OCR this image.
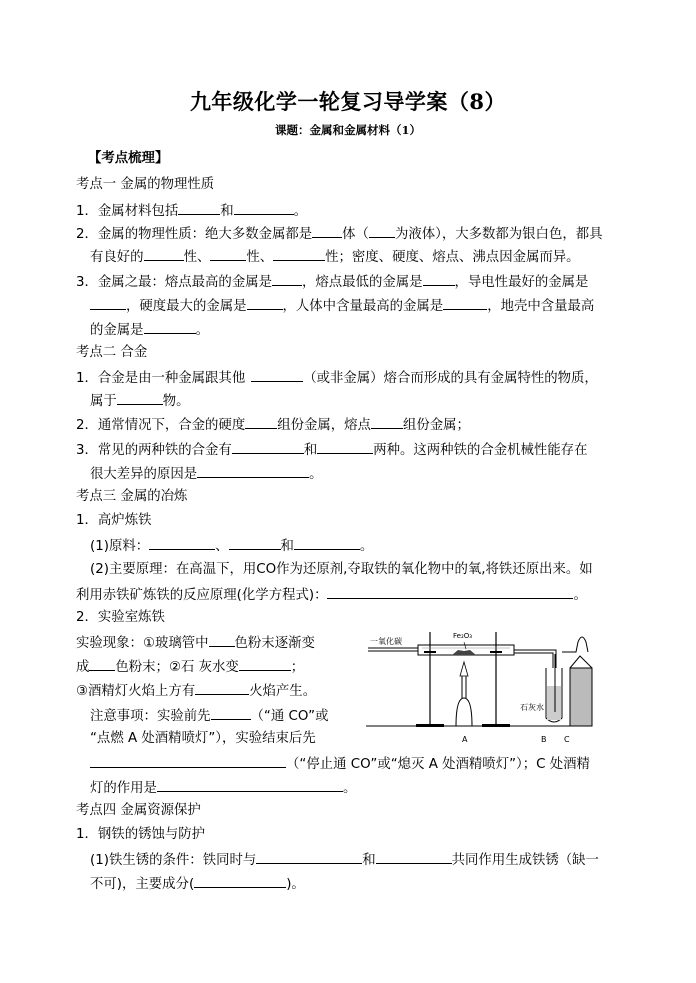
九年级化学一轮复习导学案（8）
课题：金属和金属材料（1）
【考点梳理】
考点一 金属的物理性质
1．金属材料包括	和	。
2．金属的物理性质：绝大多数金属都是 体（ 为液体），大多数都为银白色，都具
有良好的	性、	性、	性；密度、硬度、熔点、沸点因金属而异。
3．金属之最：熔点最高的金属是 ，熔点最低的金属是 ，导电性最好的金属是
，硬度最大的金属是	，人体中含量最高的金属是	，地壳中含量最高
的金属是	。
考点二 合金
1．合金是由一种金属跟其他	（或非金属）熔合而形成的具有金属特性的物质，
属于	物。
2．通常情况下，合金的硬度 组份金属，熔点 组份金属；
3．常见的两种铁的合金有	和	两种。这两种铁的合金机械性能存在
很大差异的原因是	。
考点三 金属的冶炼
1．高炉炼铁
(1)原料：	、	和	。
(2)主要原理：在高温下，用CO作为还原剂,夺取铁的氧化物中的氧,将铁还原出来。如
利用赤铁矿炼铁的反应原理(化学方程式)：	。
2．实验室炼铁
实验现象：①玻璃管中 色粉末逐渐变
成 色粉末；②石 灰水变	；
③酒精灯火焰上方有	火焰产生。
注意事项：实验前先	（“通 CO”或
“点燃 A 处酒精喷灯”），实验结束后先
（“停止通 CO”或“熄灭 A 处酒精喷灯”）；C 处酒精
灯的作用是	。
考点四 金属资源保护
1．钢铁的锈蚀与防护
(1)铁生锈的条件：铁同时与	和	共同作用生成铁锈（缺一
不可)，主要成分(	)。
一氧化碳
Fe₂O₃
A
石灰水
B C
